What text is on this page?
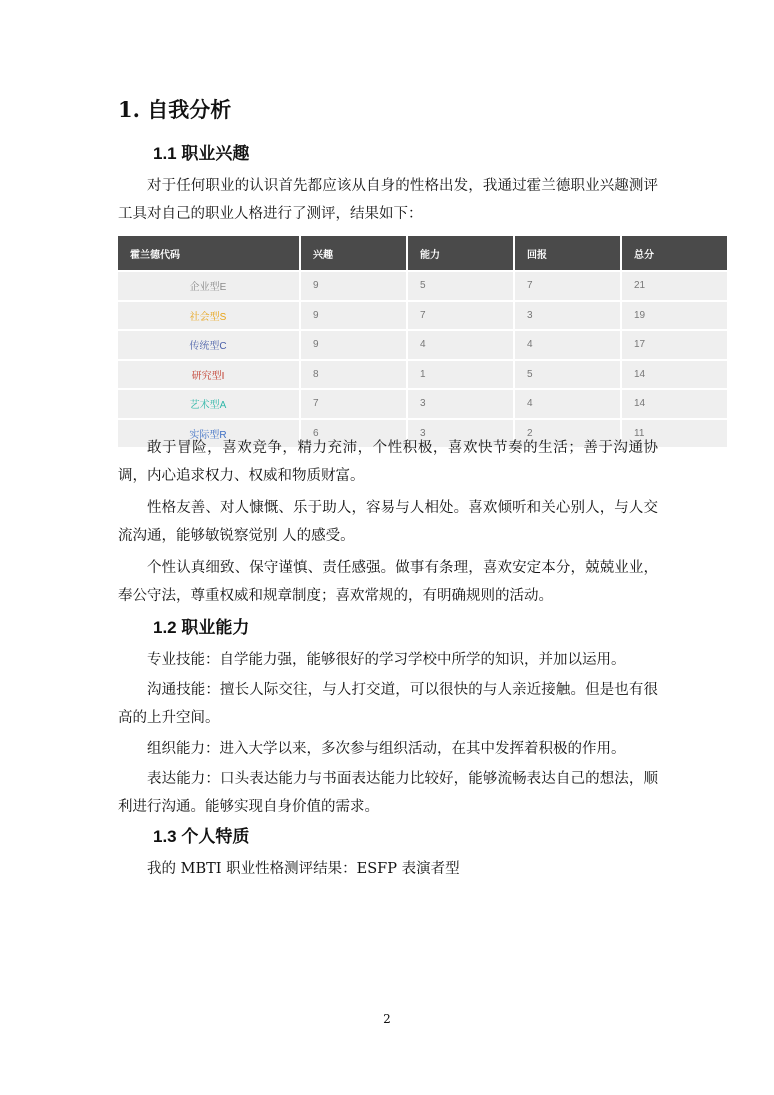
1. 自我分析
1.1 职业兴趣

对于任何职业的认识首先都应该从自身的性格出发，我通过霍兰德职业兴趣测评工具对自己的职业人格进行了测评，结果如下：

霍兰德代码	兴趣	能力	回报	总分
企业型E	9	5	7	21
社会型S	9	7	3	19
传统型C	9	4	4	17
研究型I	8	1	5	14
艺术型A	7	3	4	14
实际型R	6	3	2	11

敢于冒险，喜欢竞争，精力充沛，个性积极，喜欢快节奏的生活；善于沟通协调，内心追求权力、权威和物质财富。

性格友善、对人慷慨、乐于助人，容易与人相处。喜欢倾听和关心别人，与人交流沟通，能够敏锐察觉别 人的感受。

个性认真细致、保守谨慎、责任感强。做事有条理，喜欢安定本分，兢兢业业，奉公守法，尊重权威和规章制度；喜欢常规的，有明确规则的活动。

1.2 职业能力

专业技能：自学能力强，能够很好的学习学校中所学的知识，并加以运用。

沟通技能：擅长人际交往，与人打交道，可以很快的与人亲近接触。但是也有很高的上升空间。

组织能力：进入大学以来，多次参与组织活动，在其中发挥着积极的作用。

表达能力：口头表达能力与书面表达能力比较好，能够流畅表达自己的想法，顺利进行沟通。能够实现自身价值的需求。

1.3 个人特质

我的 MBTI 职业性格测评结果：ESFP 表演者型

2
